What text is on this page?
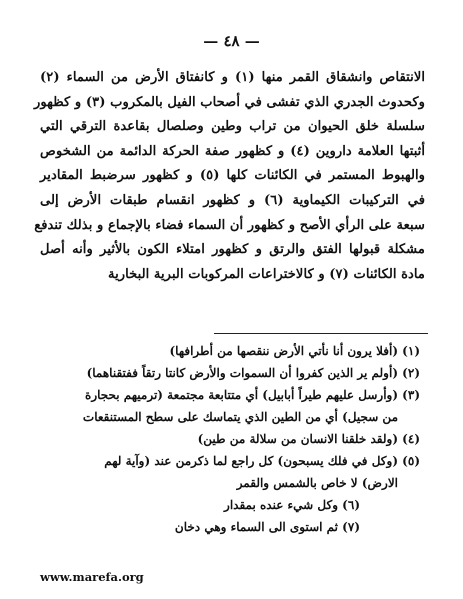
— ٤٨ —
الانتقاص وانشقاق القمر منها (١) و كانفتاق الأرض من السماء (٢)
وكحدوث الجدري الذي تفشى في أصحاب الفيل بالمكروب (٣) و كظهور
سلسلة خلق الحيوان من تراب وطين وصلصال بقاعدة الترقي التي
أثبتها العلامة داروين (٤) و كظهور صفة الحركة الدائمة من الشخوص
والهبوط المستمر في الكائنات كلها (٥) و كظهور سرضبط المقادير
في التركيبات الكيماوية (٦) و كظهور انقسام طبقات الأرض إلى
سبعة على الرأي الأصح و كظهور أن السماء فضاء بالإجماع و بذلك تندفع
مشكلة قبولها الفتق والرتق و كظهور امتلاء الكون بالأثير وأنه أصل
مادة الكائنات (٧) و كالاختراعات المركوبات البرية البخارية
(١) (أفلا يرون أنا نأتي الأرض ننقصها من أطرافها)
(٢) (أولم ير الذين كفروا أن السموات والأرض كانتا رتقاً ففتقناهما)
(٣) (وأرسل عليهم طيراً أبابيل) أي متتابعة مجتمعة (ترميهم بحجارة
من سجيل) أي من الطين الذي يتماسك على سطح المستنقعات
(٤) (ولقد خلقنا الانسان من سلالة من طين)
(٥) (وكل في فلك يسبحون) كل راجع لما ذكرمن عند (وآية لهم
الارض) لا خاص بالشمس والقمر
(٦) وكل شيء عنده بمقدار
(٧) ثم استوى الى السماء وهي دخان
www.marefa.org
